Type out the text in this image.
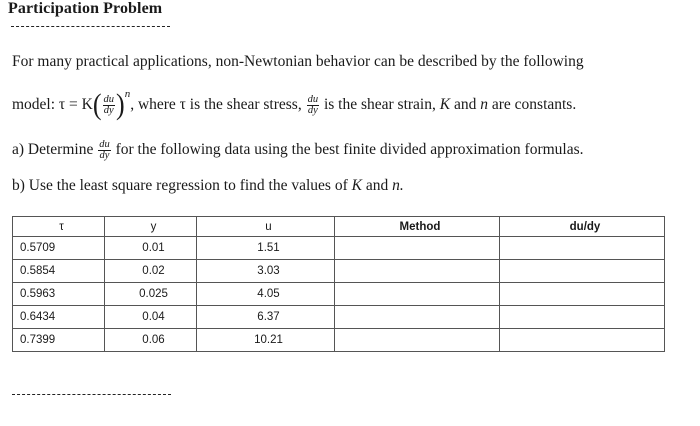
Participation Problem
For many practical applications, non-Newtonian behavior can be described by the following
model: $\tau = K( \frac{du}{dy} )^n$, where τ is the shear stress, $\frac{du}{dy}$ is the shear strain, K and n are constants.
a) Determine $\frac{du}{dy}$ for the following data using the best finite divided approximation formulas.
b) Use the least square regression to find the values of K and n.
τ	y	u	Method	du/dy
0.5709	0.01	1.51		
0.5854	0.02	3.03		
0.5963	0.025	4.05		
0.6434	0.04	6.37		
0.7399	0.06	10.21		
